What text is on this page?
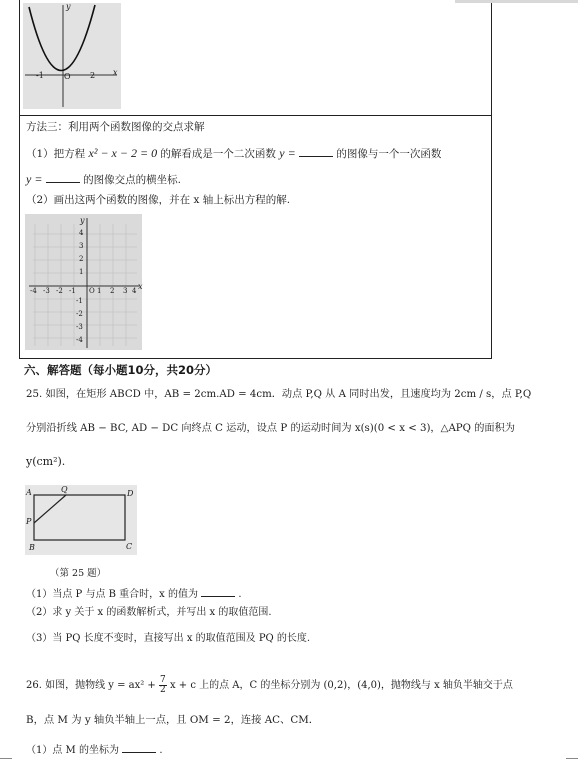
-1	O 2 x
y
方法三：利用两个函数图像的交点求解
（1）把方程 x² − x − 2 = 0 的解看成是一个二次函数 y =	的图像与一个一次函数
y =	的图像交点的横坐标.
（2）画出这两个函数的图像，并在 x 轴上标出方程的解.
y
4
3
2
1
-4 -3 -2 -1 O 1 2 3 4 x
-1
-2
-3
-4
六、解答题（每小题10分，共20分）
25. 如图，在矩形 ABCD 中，AB = 2cm.AD = 4cm．动点 P,Q 从 A 同时出发，且速度均为 2cm / s，点 P,Q
分别沿折线 AB − BC, AD − DC 向终点 C 运动，设点 P 的运动时间为 x(s)(0 < x < 3)，△APQ 的面积为
y(cm²).
A	Q	D
P
B	C
（第 25 题）
（1）当点 P 与点 B 重合时，x 的值为	.
（2）求 y 关于 x 的函数解析式，并写出 x 的取值范围.
（3）当 PQ 长度不变时，直接写出 x 的取值范围及 PQ 的长度.
26. 如图，抛物线 $y = ax^2 + \frac{7}{2}$ x + c 上的点 A，C 的坐标分别为 (0,2)，(4,0)，抛物线与 x 轴负半轴交于点
B，点 M 为 y 轴负半轴上一点，且 OM = 2，连接 AC、CM．
（1）点 M 的坐标为	.
